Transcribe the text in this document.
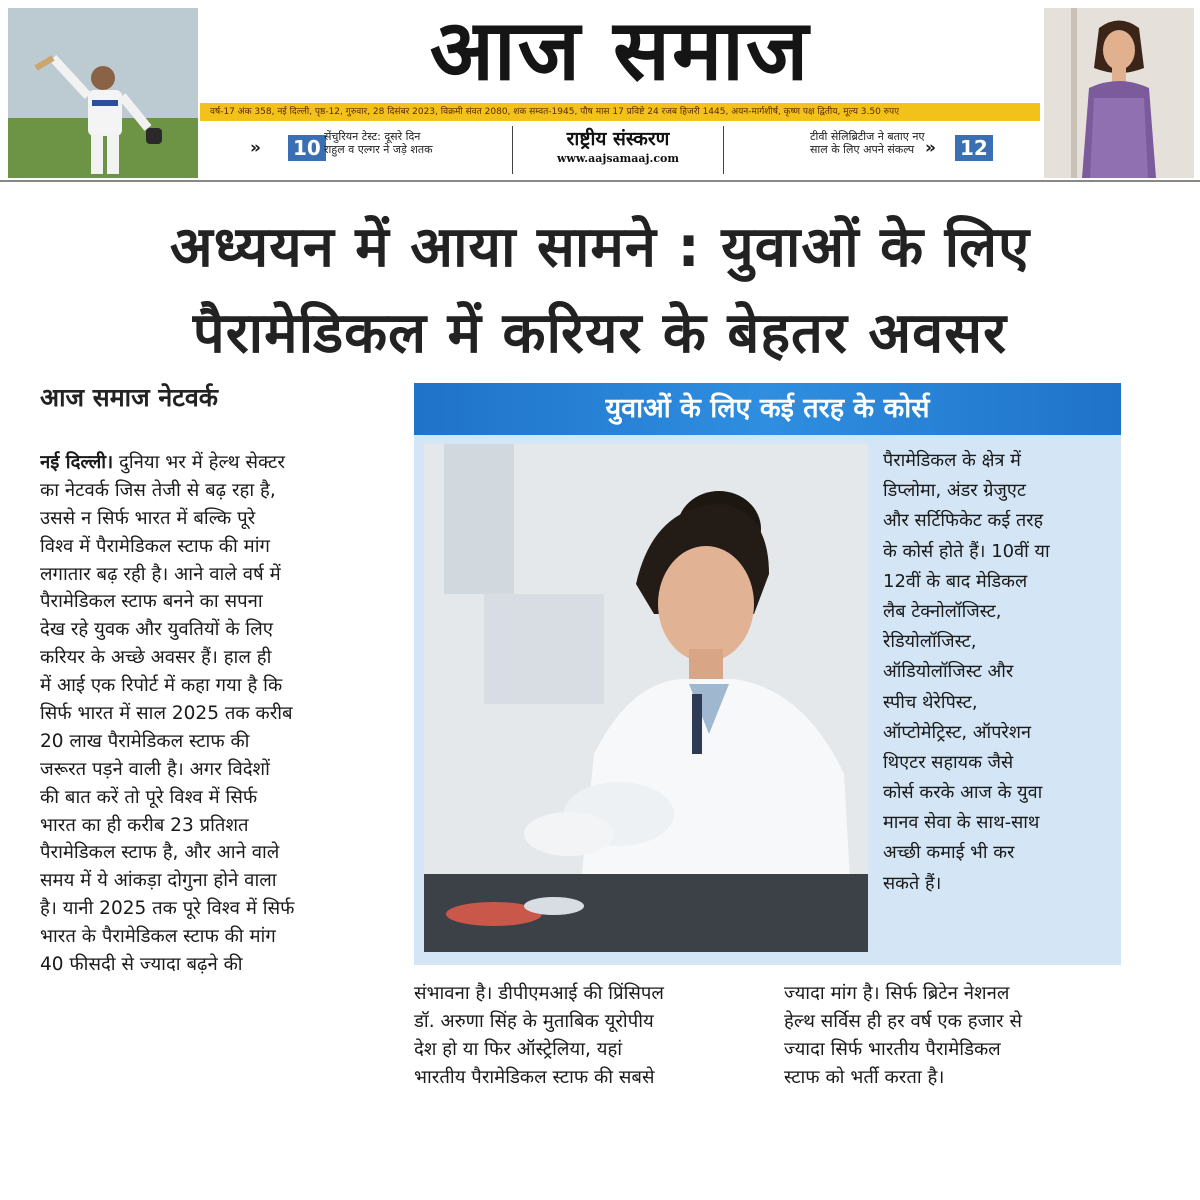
आज समाज
वर्ष-17 अंक 358, नई दिल्ली, पृष्ठ-12, गुरुवार, 28 दिसंबर 2023, विक्रमी संवत 2080, शक सम्वत-1945, पौष मास 17 प्रविष्टे 24 रजब हिजरी 1445, अयन-मार्गशीर्ष, कृष्ण पक्ष द्वितीय, मूल्य 3.50 रुपए
» 10 सेंचुरियन टेस्ट: दूसरे दिन राहुल व एल्गर ने जड़े शतक	राष्ट्रीय संस्करण
www.aajsamaaj.com
टीवी सेलिब्रिटीज ने बताए नए साल के लिए अपने संकल्प » 12
अध्ययन में आया सामने : युवाओं के लिए
पैरामेडिकल में करियर के बेहतर अवसर
आज समाज नेटवर्क
नई दिल्ली। दुनिया भर में हेल्थ सेक्टर
का नेटवर्क जिस तेजी से बढ़ रहा है,
उससे न सिर्फ भारत में बल्कि पूरे
विश्व में पैरामेडिकल स्टाफ की मांग
लगातार बढ़ रही है। आने वाले वर्ष में
पैरामेडिकल स्टाफ बनने का सपना
देख रहे युवक और युवतियों के लिए
करियर के अच्छे अवसर हैं। हाल ही
में आई एक रिपोर्ट में कहा गया है कि
सिर्फ भारत में साल 2025 तक करीब
20 लाख पैरामेडिकल स्टाफ की
जरूरत पड़ने वाली है। अगर विदेशों
की बात करें तो पूरे विश्व में सिर्फ
भारत का ही करीब 23 प्रतिशत
पैरामेडिकल स्टाफ है, और आने वाले
समय में ये आंकड़ा दोगुना होने वाला
है। यानी 2025 तक पूरे विश्व में सिर्फ
भारत के पैरामेडिकल स्टाफ की मांग
40 फीसदी से ज्यादा बढ़ने की
युवाओं के लिए कई तरह के कोर्स
पैरामेडिकल के क्षेत्र में
डिप्लोमा, अंडर ग्रेजुएट
और सर्टिफिकेट कई तरह
के कोर्स होते हैं। 10वीं या
12वीं के बाद मेडिकल
लैब टेक्नोलॉजिस्ट,
रेडियोलॉजिस्ट,
ऑडियोलॉजिस्ट और
स्पीच थेरेपिस्ट,
ऑप्टोमेट्रिस्ट, ऑपरेशन
थिएटर सहायक जैसे
कोर्स करके आज के युवा
मानव सेवा के साथ-साथ
अच्छी कमाई भी कर
सकते हैं।
संभावना है। डीपीएमआई की प्रिंसिपल
डॉ. अरुणा सिंह के मुताबिक यूरोपीय
देश हो या फिर ऑस्ट्रेलिया, यहां
भारतीय पैरामेडिकल स्टाफ की सबसे
ज्यादा मांग है। सिर्फ ब्रिटेन नेशनल
हेल्थ सर्विस ही हर वर्ष एक हजार से
ज्यादा सिर्फ भारतीय पैरामेडिकल
स्टाफ को भर्ती करता है।
